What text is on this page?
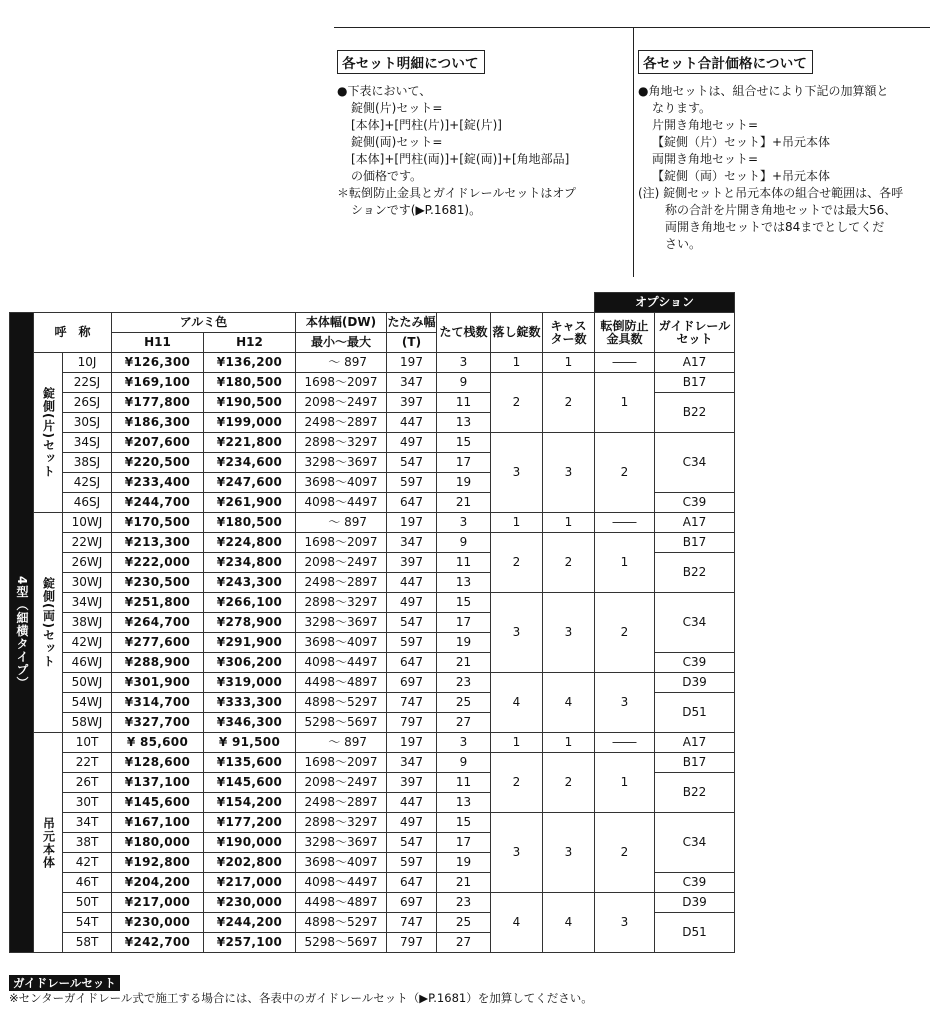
各セット明細について
●下表において、
錠側(片)セット=
[本体]+[門柱(片)]+[錠(片)]
錠側(両)セット=
[本体]+[門柱(両)]+[錠(両)]+[角地部品]
の価格です。
＊転倒防止金具とガイドレールセットはオプ
ションです(▶P.1681)。
各セット合計価格について
●角地セットは、組合せにより下記の加算額と
なります。
片開き角地セット=
【錠側（片）セット】+吊元本体
両開き角地セット=
【錠側（両）セット】+吊元本体
(注) 錠側セットと吊元本体の組合せ範囲は、各呼
称の合計を片開き角地セットでは最大56、
両開き角地セットでは84までとしてくだ
さい。
										オプション	
4型（細横タイプ）	呼　称		アルミ色		本体幅(DW)	たたみ幅	たて桟数	落し錠数	キャス
ター数	転倒防止
金具数	ガイドレール
セット
			H11	H12	最小～最大	(T)					
	錠側(片)セット	10J	¥126,300	¥136,200	～ 897	197	3	1	1	――	A17
		22SJ	¥169,100	¥180,500	1698～2097	347	9	2	2	1	B17
		26SJ	¥177,800	¥190,500	2098～2497	397	11				B22
		30SJ	¥186,300	¥199,000	2498～2897	447	13				
		34SJ	¥207,600	¥221,800	2898～3297	497	15	3	3	2	C34
		38SJ	¥220,500	¥234,600	3298～3697	547	17				
		42SJ	¥233,400	¥247,600	3698～4097	597	19				
		46SJ	¥244,700	¥261,900	4098～4497	647	21				C39
	錠側(両)セット	10WJ	¥170,500	¥180,500	～ 897	197	3	1	1	――	A17
		22WJ	¥213,300	¥224,800	1698～2097	347	9	2	2	1	B17
		26WJ	¥222,000	¥234,800	2098～2497	397	11				B22
		30WJ	¥230,500	¥243,300	2498～2897	447	13				
		34WJ	¥251,800	¥266,100	2898～3297	497	15	3	3	2	C34
		38WJ	¥264,700	¥278,900	3298～3697	547	17				
		42WJ	¥277,600	¥291,900	3698～4097	597	19				
		46WJ	¥288,900	¥306,200	4098～4497	647	21				C39
		50WJ	¥301,900	¥319,000	4498～4897	697	23	4	4	3	D39
		54WJ	¥314,700	¥333,300	4898～5297	747	25				D51
		58WJ	¥327,700	¥346,300	5298～5697	797	27				
	吊元本体	10T	¥ 85,600	¥ 91,500	～ 897	197	3	1	1	――	A17
		22T	¥128,600	¥135,600	1698～2097	347	9	2	2	1	B17
		26T	¥137,100	¥145,600	2098～2497	397	11				B22
		30T	¥145,600	¥154,200	2498～2897	447	13				
		34T	¥167,100	¥177,200	2898～3297	497	15	3	3	2	C34
		38T	¥180,000	¥190,000	3298～3697	547	17				
		42T	¥192,800	¥202,800	3698～4097	597	19				
		46T	¥204,200	¥217,000	4098～4497	647	21				C39
		50T	¥217,000	¥230,000	4498～4897	697	23	4	4	3	D39
		54T	¥230,000	¥244,200	4898～5297	747	25				D51
		58T	¥242,700	¥257,100	5298～5697	797	27				
ガイドレールセット
※センターガイドレール式で施工する場合には、各表中のガイドレールセット（▶P.1681）を加算してください。
